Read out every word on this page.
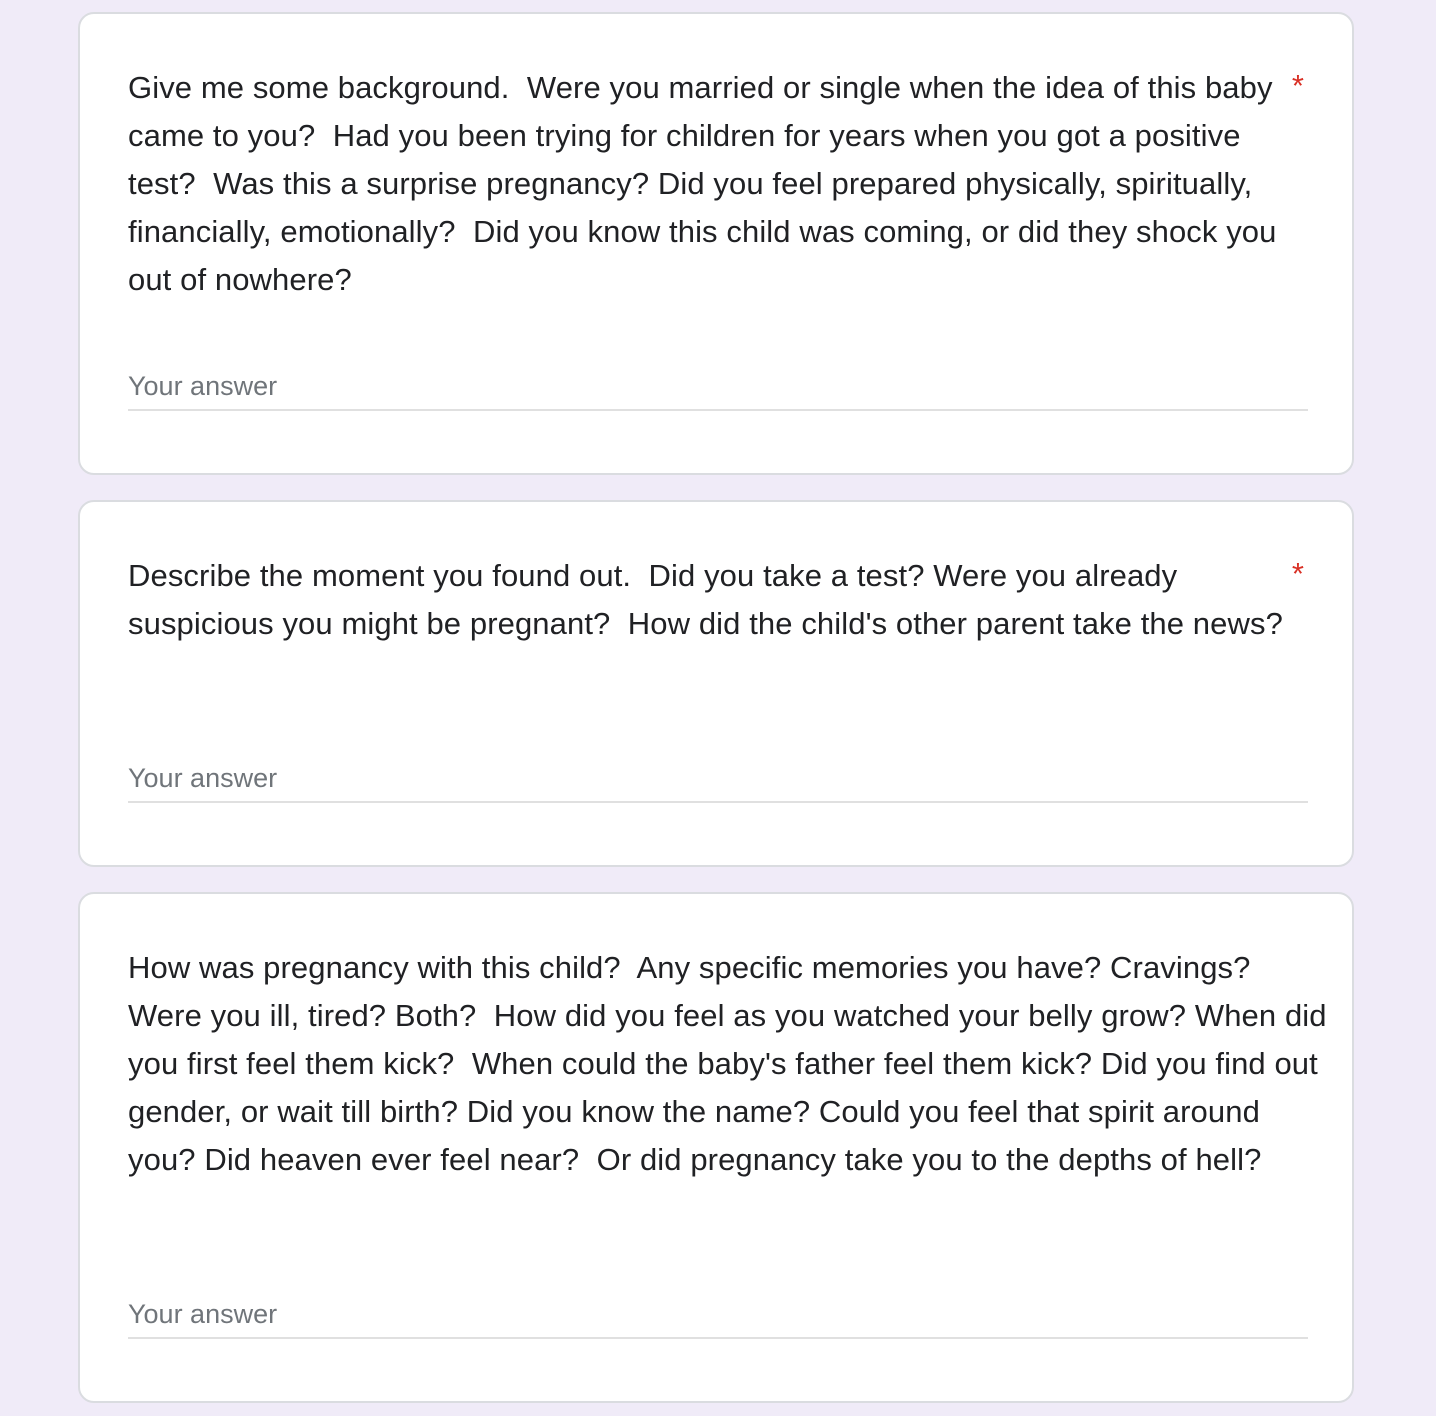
Give me some background.  Were you married or single when the idea of this baby came to you?  Had you been trying for children for years when you got a positive test?  Was this a surprise pregnancy? Did you feel prepared physically, spiritually, financially, emotionally?  Did you know this child was coming, or did they shock you out of nowhere?
*
Your answer
Describe the moment you found out.  Did you take a test? Were you already suspicious you might be pregnant?  How did the child's other parent take the news?
*
Your answer
How was pregnancy with this child?  Any specific memories you have? Cravings? Were you ill, tired? Both?  How did you feel as you watched your belly grow? When did you first feel them kick?  When could the baby's father feel them kick? Did you find out gender, or wait till birth? Did you know the name? Could you feel that spirit around you? Did heaven ever feel near?  Or did pregnancy take you to the depths of hell?
Your answer
